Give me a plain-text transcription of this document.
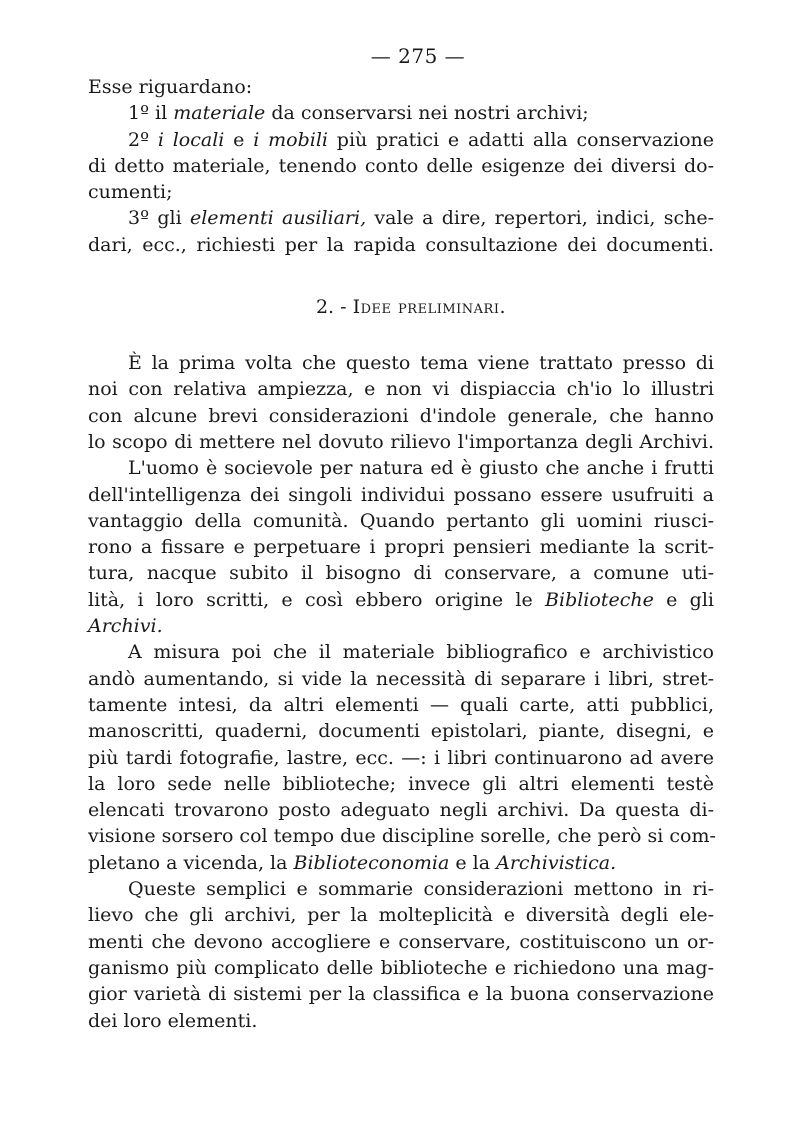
— 275 —
Esse riguardano:
1º il materiale da conservarsi nei nostri archivi;
2º i locali e i mobili più pratici e adatti alla conservazione
di detto materiale, tenendo conto delle esigenze dei diversi do-
cumenti;
3º gli elementi ausiliari, vale a dire, repertori, indici, sche-
dari, ecc., richiesti per la rapida consultazione dei documenti.
2. - Idee preliminari.
È la prima volta che questo tema viene trattato presso di
noi con relativa ampiezza, e non vi dispiaccia ch'io lo illustri
con alcune brevi considerazioni d'indole generale, che hanno
lo scopo di mettere nel dovuto rilievo l'importanza degli Archivi.
L'uomo è socievole per natura ed è giusto che anche i frutti
dell'intelligenza dei singoli individui possano essere usufruiti a
vantaggio della comunità. Quando pertanto gli uomini riusci-
rono a fissare e perpetuare i propri pensieri mediante la scrit-
tura, nacque subito il bisogno di conservare, a comune uti-
lità, i loro scritti, e così ebbero origine le Biblioteche e gli
Archivi.
A misura poi che il materiale bibliografico e archivistico
andò aumentando, si vide la necessità di separare i libri, stret-
tamente intesi, da altri elementi — quali carte, atti pubblici,
manoscritti, quaderni, documenti epistolari, piante, disegni, e
più tardi fotografie, lastre, ecc. —: i libri continuarono ad avere
la loro sede nelle biblioteche; invece gli altri elementi testè
elencati trovarono posto adeguato negli archivi. Da questa di-
visione sorsero col tempo due discipline sorelle, che però si com-
pletano a vicenda, la Biblioteconomia e la Archivistica.
Queste semplici e sommarie considerazioni mettono in ri-
lievo che gli archivi, per la molteplicità e diversità degli ele-
menti che devono accogliere e conservare, costituiscono un or-
ganismo più complicato delle biblioteche e richiedono una mag-
gior varietà di sistemi per la classifica e la buona conservazione
dei loro elementi.
